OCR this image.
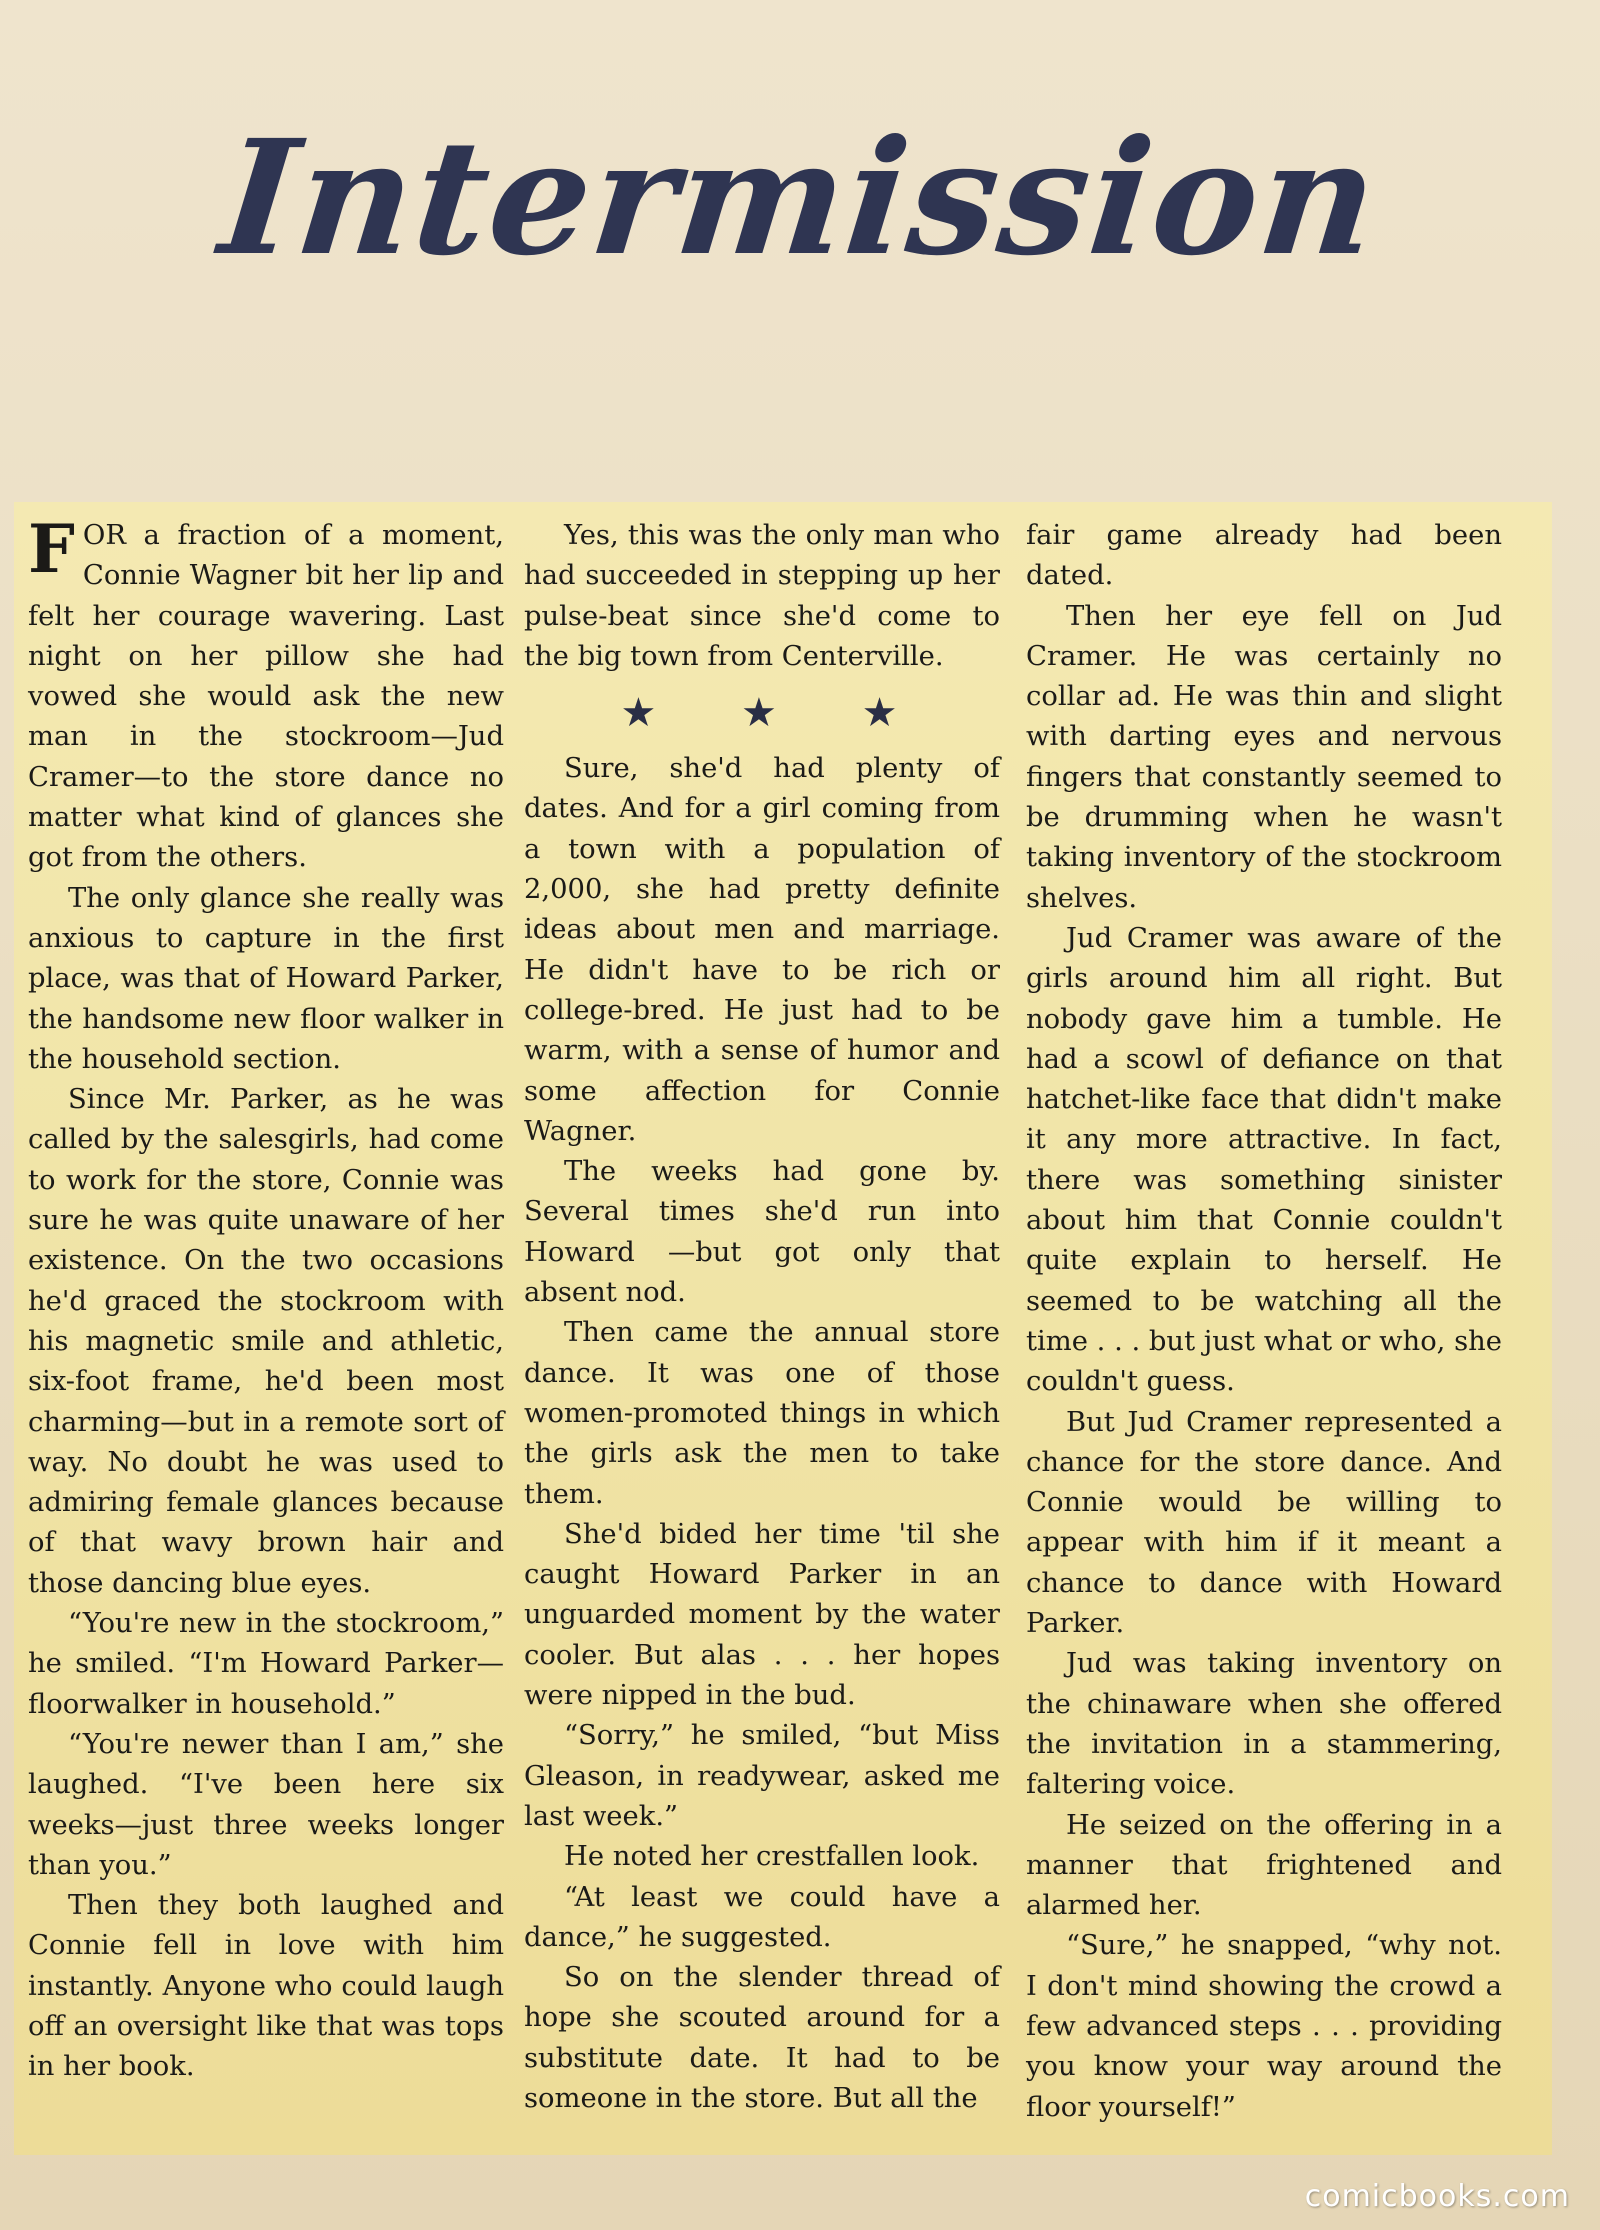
Intermission

FOR a fraction of a moment, Connie Wagner bit her lip and felt her courage wavering. Last night on her pillow she had vowed she would ask the new man in the stockroom—Jud Cramer—to the store dance no matter what kind of glances she got from the others.

The only glance she really was anxious to capture in the first place, was that of Howard Parker, the handsome new floor walker in the household section.

Since Mr. Parker, as he was called by the salesgirls, had come to work for the store, Connie was sure he was quite unaware of her existence. On the two occasions he'd graced the stockroom with his magnetic smile and athletic, six-foot frame, he'd been most charming—but in a remote sort of way. No doubt he was used to admiring female glances because of that wavy brown hair and those dancing blue eyes.

“You're new in the stockroom,” he smiled. “I'm Howard Parker—floorwalker in household.”

“You're newer than I am,” she laughed. “I've been here six weeks—just three weeks longer than you.”

Then they both laughed and Connie fell in love with him instantly. Anyone who could laugh off an oversight like that was tops in her book.

Yes, this was the only man who had succeeded in stepping up her pulse-beat since she'd come to the big town from Centerville.

★ ★ ★

Sure, she'd had plenty of dates. And for a girl coming from a town with a population of 2,000, she had pretty definite ideas about men and marriage. He didn't have to be rich or college-bred. He just had to be warm, with a sense of humor and some affection for Connie Wagner.

The weeks had gone by. Several times she'd run into Howard —but got only that absent nod.

Then came the annual store dance. It was one of those women-promoted things in which the girls ask the men to take them.

She'd bided her time 'til she caught Howard Parker in an unguarded moment by the water cooler. But alas . . . her hopes were nipped in the bud.

“Sorry,” he smiled, “but Miss Gleason, in readywear, asked me last week.”

He noted her crestfallen look.

“At least we could have a dance,” he suggested.

So on the slender thread of hope she scouted around for a substitute date. It had to be someone in the store. But all the

fair game already had been dated.

Then her eye fell on Jud Cramer. He was certainly no collar ad. He was thin and slight with darting eyes and nervous fingers that constantly seemed to be drumming when he wasn't taking inventory of the stockroom shelves.

Jud Cramer was aware of the girls around him all right. But nobody gave him a tumble. He had a scowl of defiance on that hatchet-like face that didn't make it any more attractive. In fact, there was something sinister about him that Connie couldn't quite explain to herself. He seemed to be watching all the time . . . but just what or who, she couldn't guess.

But Jud Cramer represented a chance for the store dance. And Connie would be willing to appear with him if it meant a chance to dance with Howard Parker.

Jud was taking inventory on the chinaware when she offered the invitation in a stammering, faltering voice.

He seized on the offering in a manner that frightened and alarmed her.

“Sure,” he snapped, “why not. I don't mind showing the crowd a few advanced steps . . . providing you know your way around the floor yourself!”

comicbooks.com
